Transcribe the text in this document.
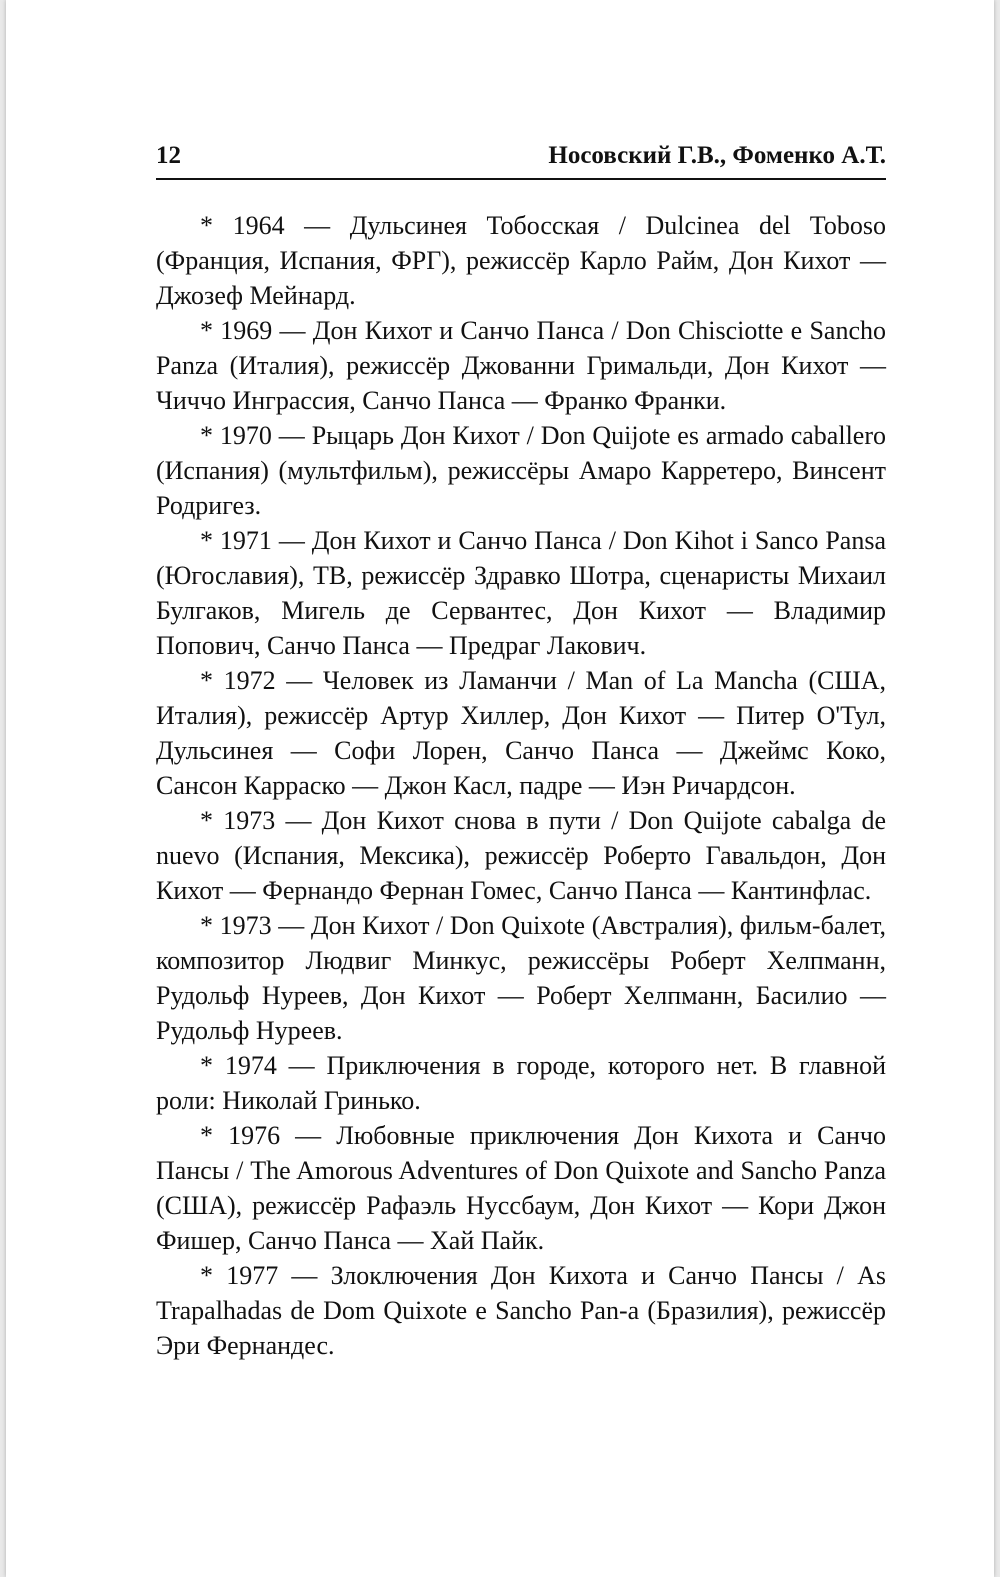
12	Носовский Г.В., Фоменко А.Т.

* 1964 — Дульсинея Тобосская / Dulcinea del Toboso (Франция, Испания, ФРГ), режиссёр Карло Райм, Дон Кихот — Джозеф Мейнард.

* 1969 — Дон Кихот и Санчо Панса / Don Chisciotte e Sancho Panza (Италия), режиссёр Джованни Гримальди, Дон Кихот — Чиччо Инграссия, Санчо Панса — Франко Франки.

* 1970 — Рыцарь Дон Кихот / Don Quijote es armado caballero (Испания) (мультфильм), режиссёры Амаро Карретеро, Винсент Родригез.

* 1971 — Дон Кихот и Санчо Панса / Don Kihot i Sanco Pansa (Югославия), ТВ, режиссёр Здравко Шотра, сценаристы Михаил Булгаков, Мигель де Сервантес, Дон Кихот — Владимир Попович, Санчо Панса — Предраг Лакович.

* 1972 — Человек из Ламанчи / Man of La Mancha (США, Италия), режиссёр Артур Хиллер, Дон Кихот — Питер О'Тул, Дульсинея — Софи Лорен, Санчо Панса — Джеймс Коко, Сансон Карраско — Джон Касл, падре — Иэн Ричардсон.

* 1973 — Дон Кихот снова в пути / Don Quijote cabalga de nuevo (Испания, Мексика), режиссёр Роберто Гавальдон, Дон Кихот — Фернандо Фернан Гомес, Санчо Панса — Кантинфлас.

* 1973 — Дон Кихот / Don Quixote (Австралия), фильм-балет, композитор Людвиг Минкус, режиссёры Роберт Хелпманн, Рудольф Нуреев, Дон Кихот — Роберт Хелпманн, Басилио — Рудольф Нуреев.

* 1974 — Приключения в городе, которого нет. В главной роли: Николай Гринько.

* 1976 — Любовные приключения Дон Кихота и Санчо Пансы / The Amorous Adventures of Don Quixote and Sancho Panza (США), режиссёр Рафаэль Нуссбаум, Дон Кихот — Кори Джон Фишер, Санчо Панса — Хай Пайк.

* 1977 — Злоключения Дон Кихота и Санчо Пансы / As Trapalhadas de Dom Quixote e Sancho Pan-a (Бразилия), режиссёр Эри Фернандес.
